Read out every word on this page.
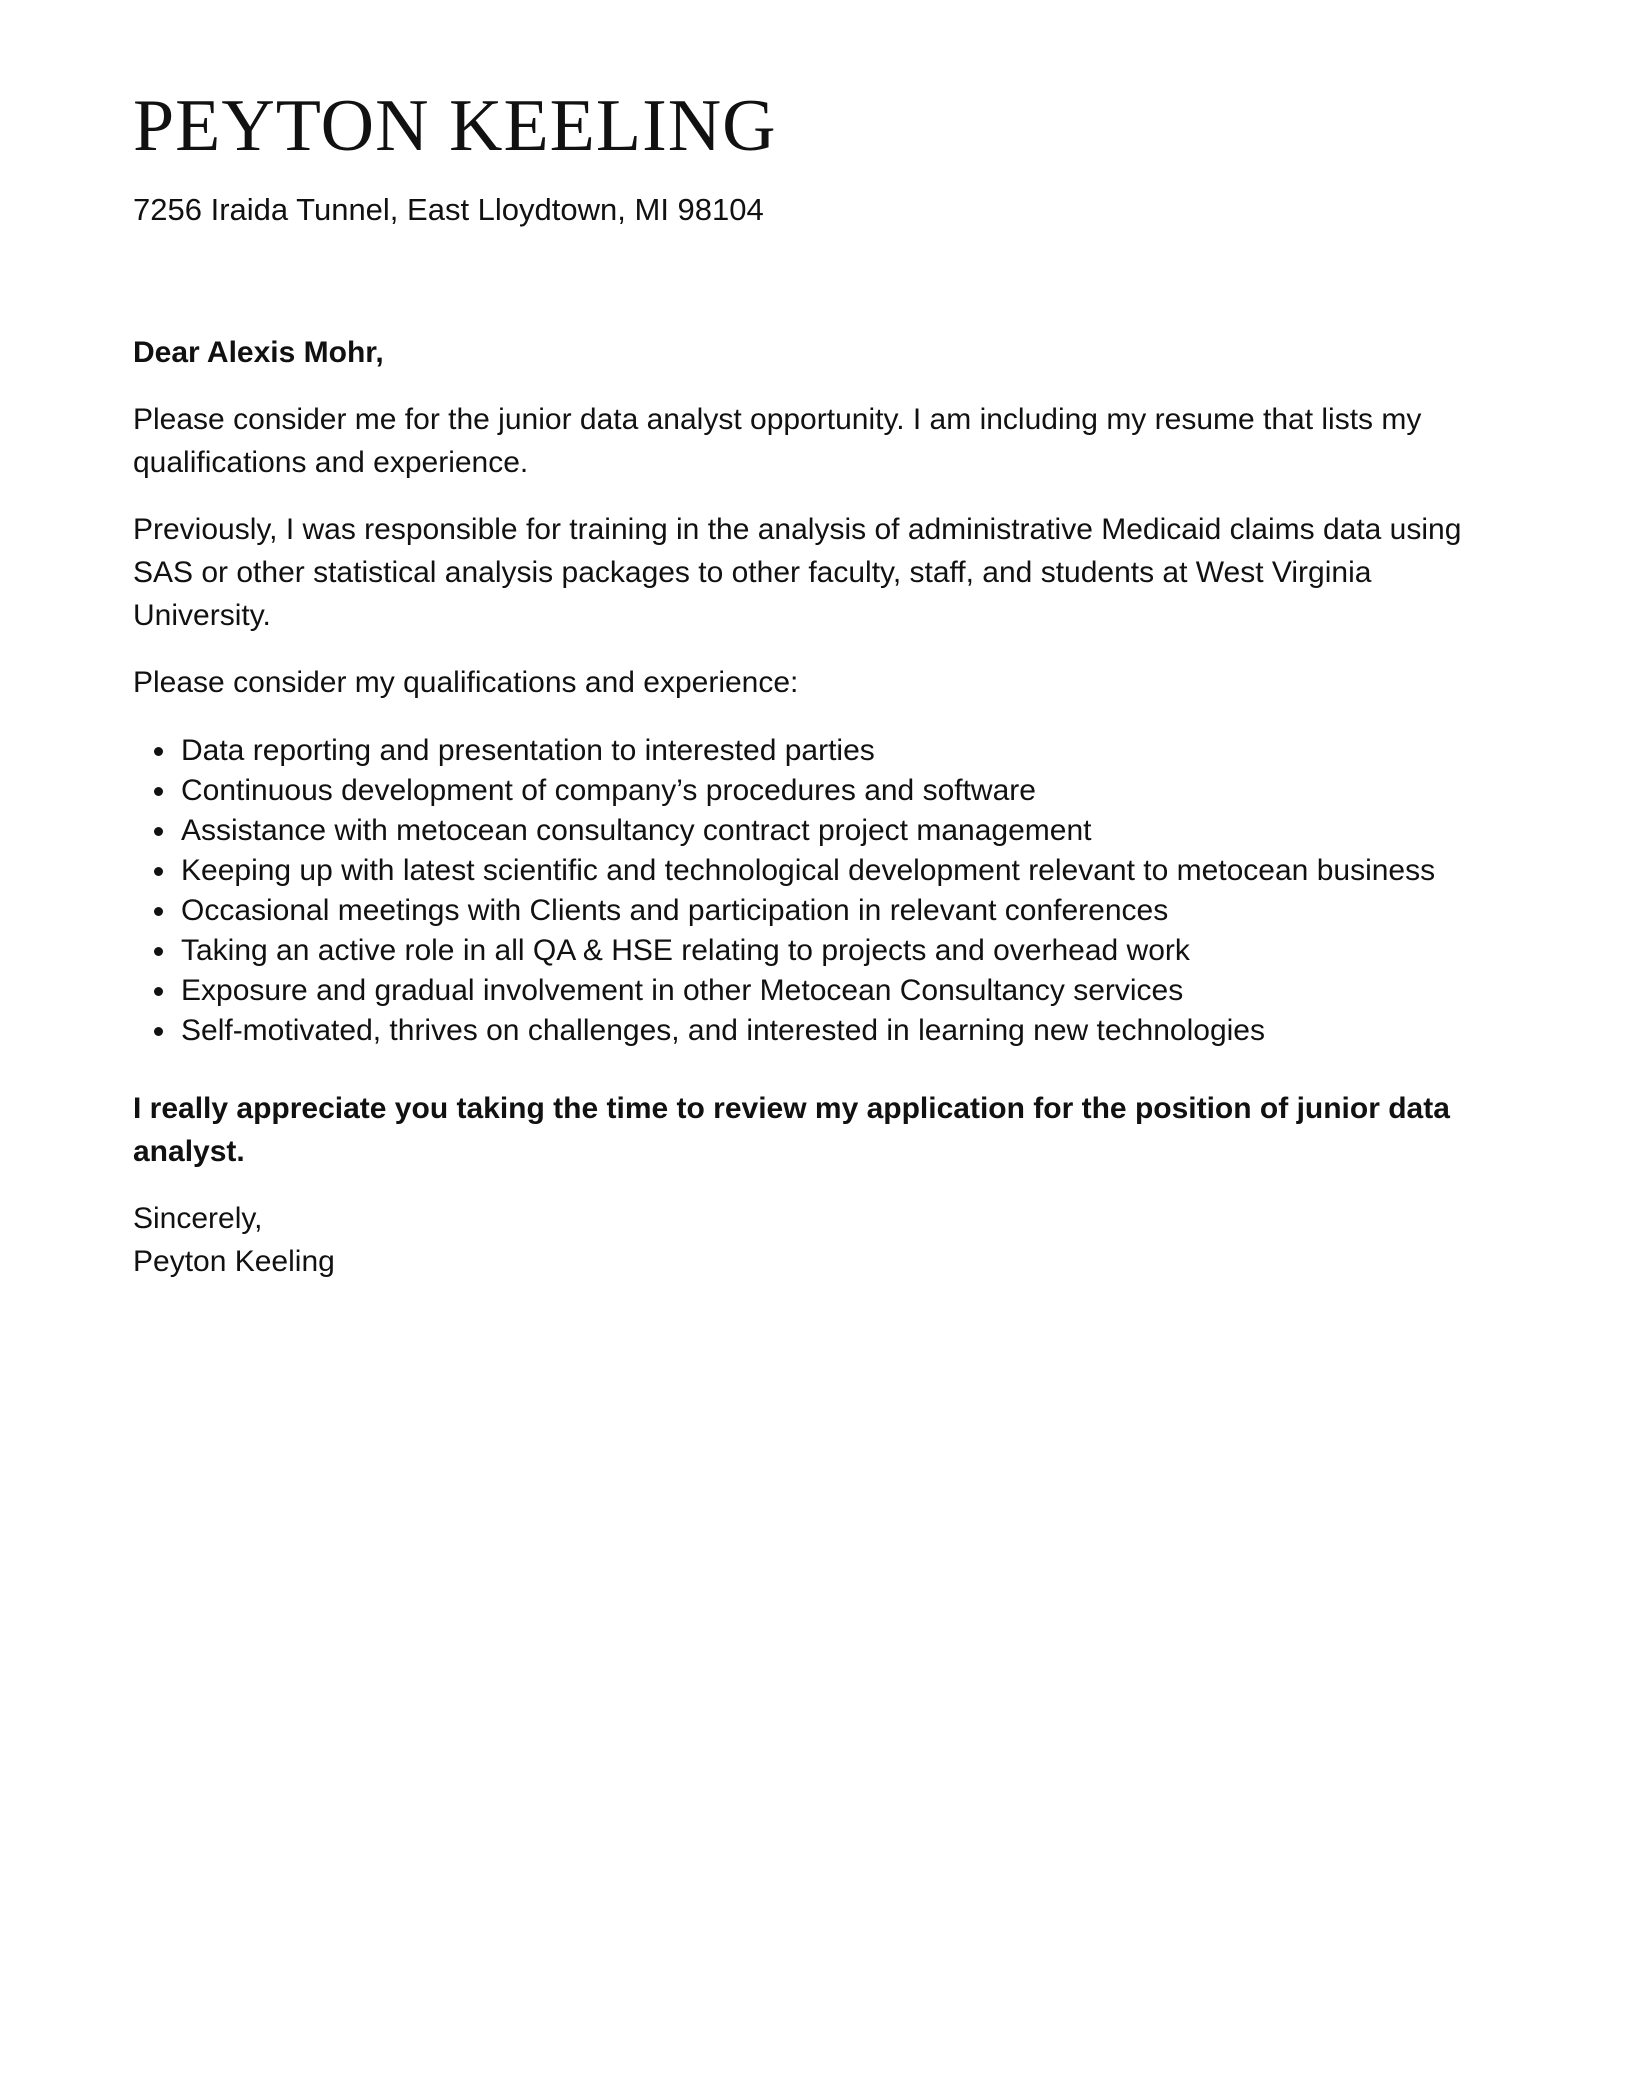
PEYTON KEELING
7256 Iraida Tunnel, East Lloydtown, MI 98104

Dear Alexis Mohr,

Please consider me for the junior data analyst opportunity. I am including my resume that lists my qualifications and experience.

Previously, I was responsible for training in the analysis of administrative Medicaid claims data using SAS or other statistical analysis packages to other faculty, staff, and students at West Virginia University.

Please consider my qualifications and experience:

Data reporting and presentation to interested parties
Continuous development of company’s procedures and software
Assistance with metocean consultancy contract project management
Keeping up with latest scientific and technological development relevant to metocean business
Occasional meetings with Clients and participation in relevant conferences
Taking an active role in all QA & HSE relating to projects and overhead work
Exposure and gradual involvement in other Metocean Consultancy services
Self-motivated, thrives on challenges, and interested in learning new technologies

I really appreciate you taking the time to review my application for the position of junior data analyst.

Sincerely,

Peyton Keeling
